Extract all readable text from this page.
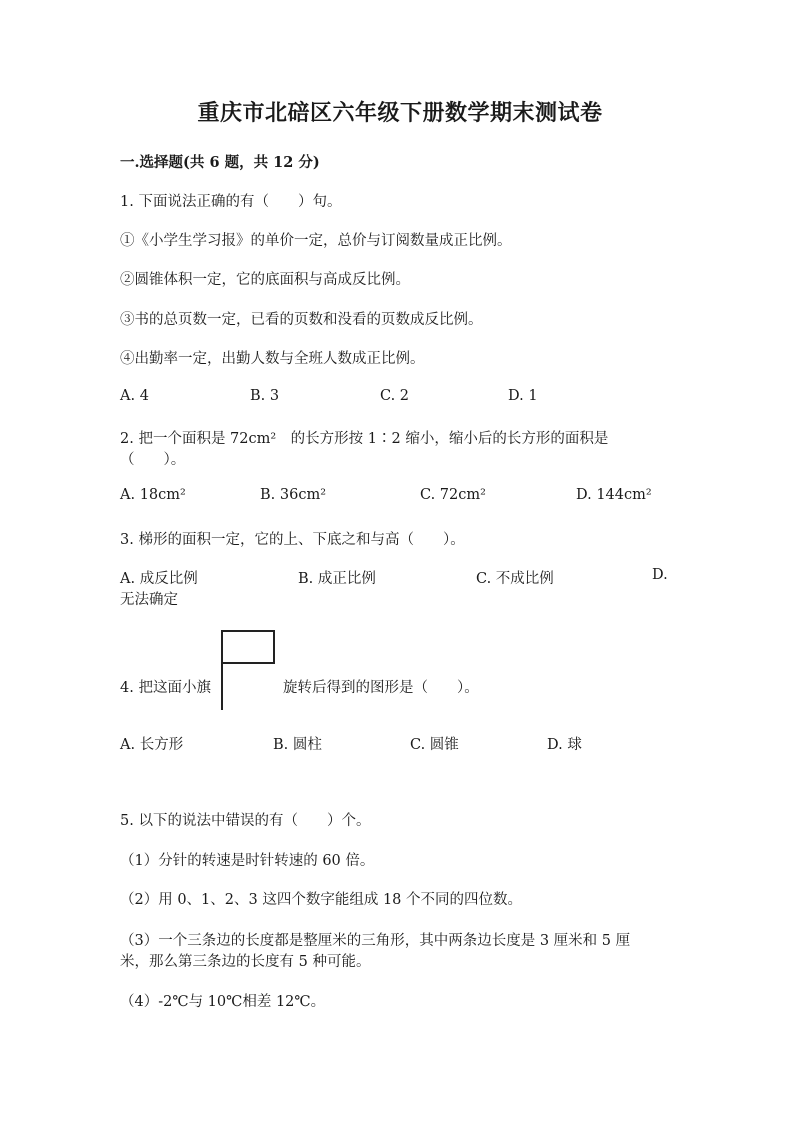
重庆市北碚区六年级下册数学期末测试卷
一.选择题(共 6 题，共 12 分)
1. 下面说法正确的有（　　）句。
①《小学生学习报》的单价一定，总价与订阅数量成正比例。
②圆锥体积一定，它的底面积与高成反比例。
③书的总页数一定，已看的页数和没看的页数成反比例。
④出勤率一定，出勤人数与全班人数成正比例。
A. 4	B. 3	C. 2	D. 1
2. 把一个面积是 72cm²　的长方形按 1∶2 缩小，缩小后的长方形的面积是
（　　）。
A. 18cm²	B. 36cm²	C. 72cm²	D. 144cm²
3. 梯形的面积一定，它的上、下底之和与高（　　）。
A. 成反比例	B. 成正比例	C. 不成比例	D.
无法确定
4. 把这面小旗	旋转后得到的图形是（　　）。
A. 长方形	B. 圆柱	C. 圆锥	D. 球
5. 以下的说法中错误的有（　　）个。
（1）分针的转速是时针转速的 60 倍。
（2）用 0、1、2、3 这四个数字能组成 18 个不同的四位数。
（3）一个三条边的长度都是整厘米的三角形，其中两条边长度是 3 厘米和 5 厘
米，那么第三条边的长度有 5 种可能。
（4）-2℃与 10℃相差 12℃。
